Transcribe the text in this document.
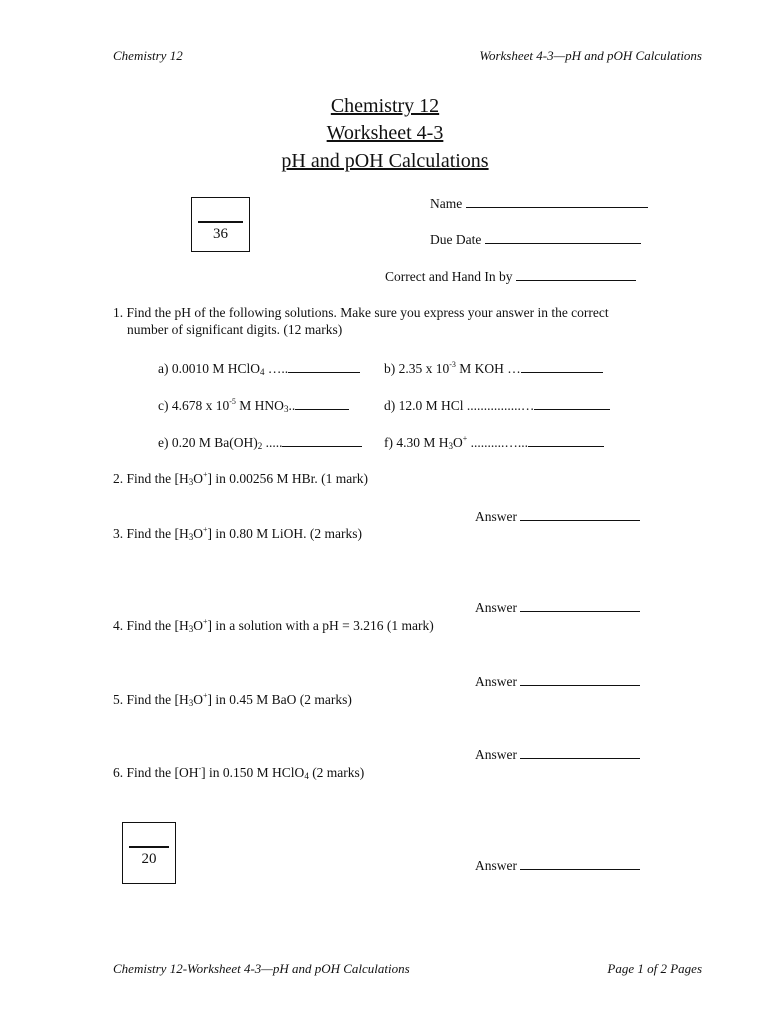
Chemistry 12	Worksheet 4-3—pH and pOH Calculations
Chemistry 12
Worksheet 4-3
pH and pOH Calculations
36
Name
Due Date
Correct and Hand In by
1. Find the pH of the following solutions. Make sure you express your answer in the correct
number of significant digits. (12 marks)
a) 0.0010 M HClO$_4$ …..	b) 2.35 x $10^{-3}$ M KOH …
c) 4.678 x $10^{-5}$ M $HNO_3$..	d) 12.0 M HCl ................…
e) 0.20 M $Ba(OH)_2$ .....	f) 4.30 M $H_3O^+$ ..........…...
2. Find the $[H_3O^+]$ in 0.00256 M HBr. (1 mark)
Answer
3. Find the $[H_3O^+]$ in 0.80 M LiOH. (2 marks)
Answer
4. Find the $[H_3O^+]$ in a solution with a pH = 3.216 (1 mark)
Answer
5. Find the $[H_3O^+]$ in 0.45 M BaO (2 marks)
Answer
6. Find the [OH-] in 0.150 M HClO$_4$ (2 marks)
20	Answer
Chemistry 12-Worksheet 4-3—pH and pOH Calculations	Page 1 of 2 Pages
